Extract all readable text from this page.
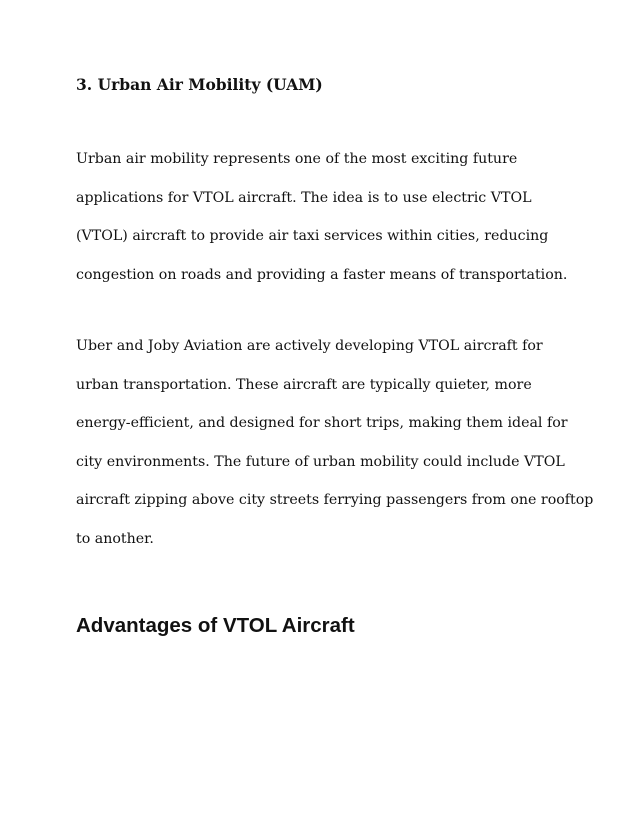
3. Urban Air Mobility (UAM)

Urban air mobility represents one of the most exciting future
applications for VTOL aircraft. The idea is to use electric VTOL
(VTOL) aircraft to provide air taxi services within cities, reducing
congestion on roads and providing a faster means of transportation.

Uber and Joby Aviation are actively developing VTOL aircraft for
urban transportation. These aircraft are typically quieter, more
energy-efficient, and designed for short trips, making them ideal for
city environments. The future of urban mobility could include VTOL
aircraft zipping above city streets ferrying passengers from one rooftop
to another.

Advantages of VTOL Aircraft
